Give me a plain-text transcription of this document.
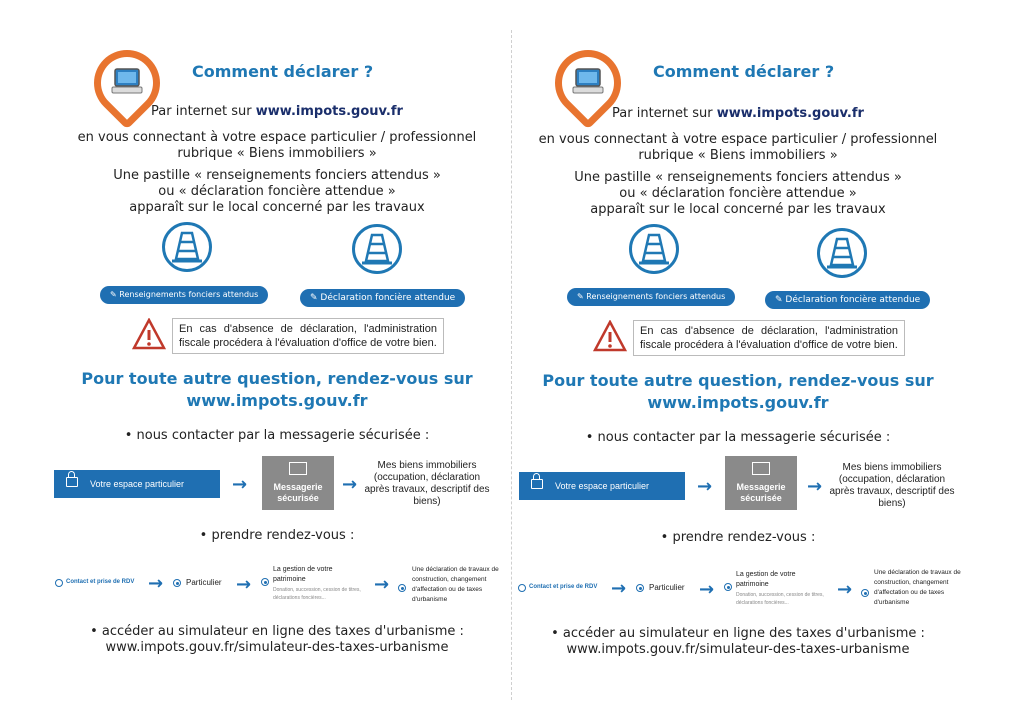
Comment déclarer ?
Par internet sur www.impots.gouv.fr
en vous connectant à votre espace particulier / professionnel
rubrique « Biens immobiliers »
Une pastille « renseignements fonciers attendus »
ou « déclaration foncière attendue »
apparaît sur le local concerné par les travaux
✎ Renseignements fonciers attendus	✎ Déclaration foncière attendue
En cas d'absence de déclaration, l'administration fiscale procédera à l'évaluation d'office de votre bien.
Pour toute autre question, rendez-vous sur
www.impots.gouv.fr
• nous contacter par la messagerie sécurisée :
Votre espace particulier	→	Messagerie sécurisée
→
Mes biens immobiliers (occupation, déclaration après travaux, descriptif des biens)
• prendre rendez-vous :
Contact et prise de RDV →	Particulier →
La gestion de votre patrimoine
Donation, succession, cession de titres, déclarations foncières...
→
Une déclaration de travaux de construction, changement d'affectation ou de taxes d'urbanisme
• accéder au simulateur en ligne des taxes d'urbanisme :
www.impots.gouv.fr/simulateur-des-taxes-urbanisme
Comment déclarer ?
Par internet sur www.impots.gouv.fr
en vous connectant à votre espace particulier / professionnel
rubrique « Biens immobiliers »
Une pastille « renseignements fonciers attendus »
ou « déclaration foncière attendue »
apparaît sur le local concerné par les travaux
✎ Renseignements fonciers attendus	✎ Déclaration foncière attendue
En cas d'absence de déclaration, l'administration fiscale procédera à l'évaluation d'office de votre bien.
Pour toute autre question, rendez-vous sur
www.impots.gouv.fr
• nous contacter par la messagerie sécurisée :
Votre espace particulier	→	Messagerie sécurisée
→
Mes biens immobiliers (occupation, déclaration après travaux, descriptif des biens)
• prendre rendez-vous :
Contact et prise de RDV →	Particulier →
La gestion de votre patrimoine
Donation, succession, cession de titres, déclarations foncières...
→
Une déclaration de travaux de construction, changement d'affectation ou de taxes d'urbanisme
• accéder au simulateur en ligne des taxes d'urbanisme :
www.impots.gouv.fr/simulateur-des-taxes-urbanisme
